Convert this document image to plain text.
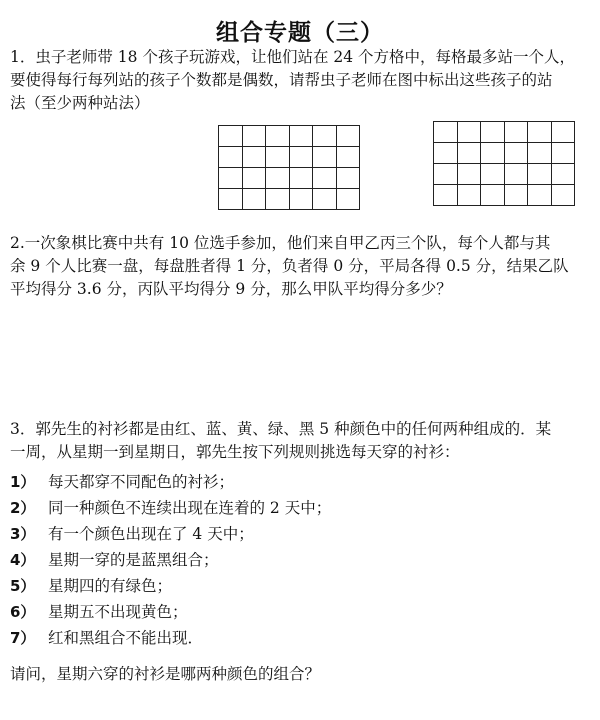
组合专题（三）
1．虫子老师带 18 个孩子玩游戏，让他们站在 24 个方格中，每格最多站一个人，
要使得每行每列站的孩子个数都是偶数，请帮虫子老师在图中标出这些孩子的站
法（至少两种站法）

2.一次象棋比赛中共有 10 位选手参加，他们来自甲乙丙三个队，每个人都与其
余 9 个人比赛一盘，每盘胜者得 1 分，负者得 0 分，平局各得 0.5 分，结果乙队
平均得分 3.6 分，丙队平均得分 9 分，那么甲队平均得分多少？
3．郭先生的衬衫都是由红、蓝、黄、绿、黑 5 种颜色中的任何两种组成的．某
一周，从星期一到星期日，郭先生按下列规则挑选每天穿的衬衫：
1） 每天都穿不同配色的衬衫；
2） 同一种颜色不连续出现在连着的 2 天中；
3） 有一个颜色出现在了 4 天中；
4） 星期一穿的是蓝黑组合；
5） 星期四的有绿色；
6） 星期五不出现黄色；
7） 红和黑组合不能出现．
请问，星期六穿的衬衫是哪两种颜色的组合？
